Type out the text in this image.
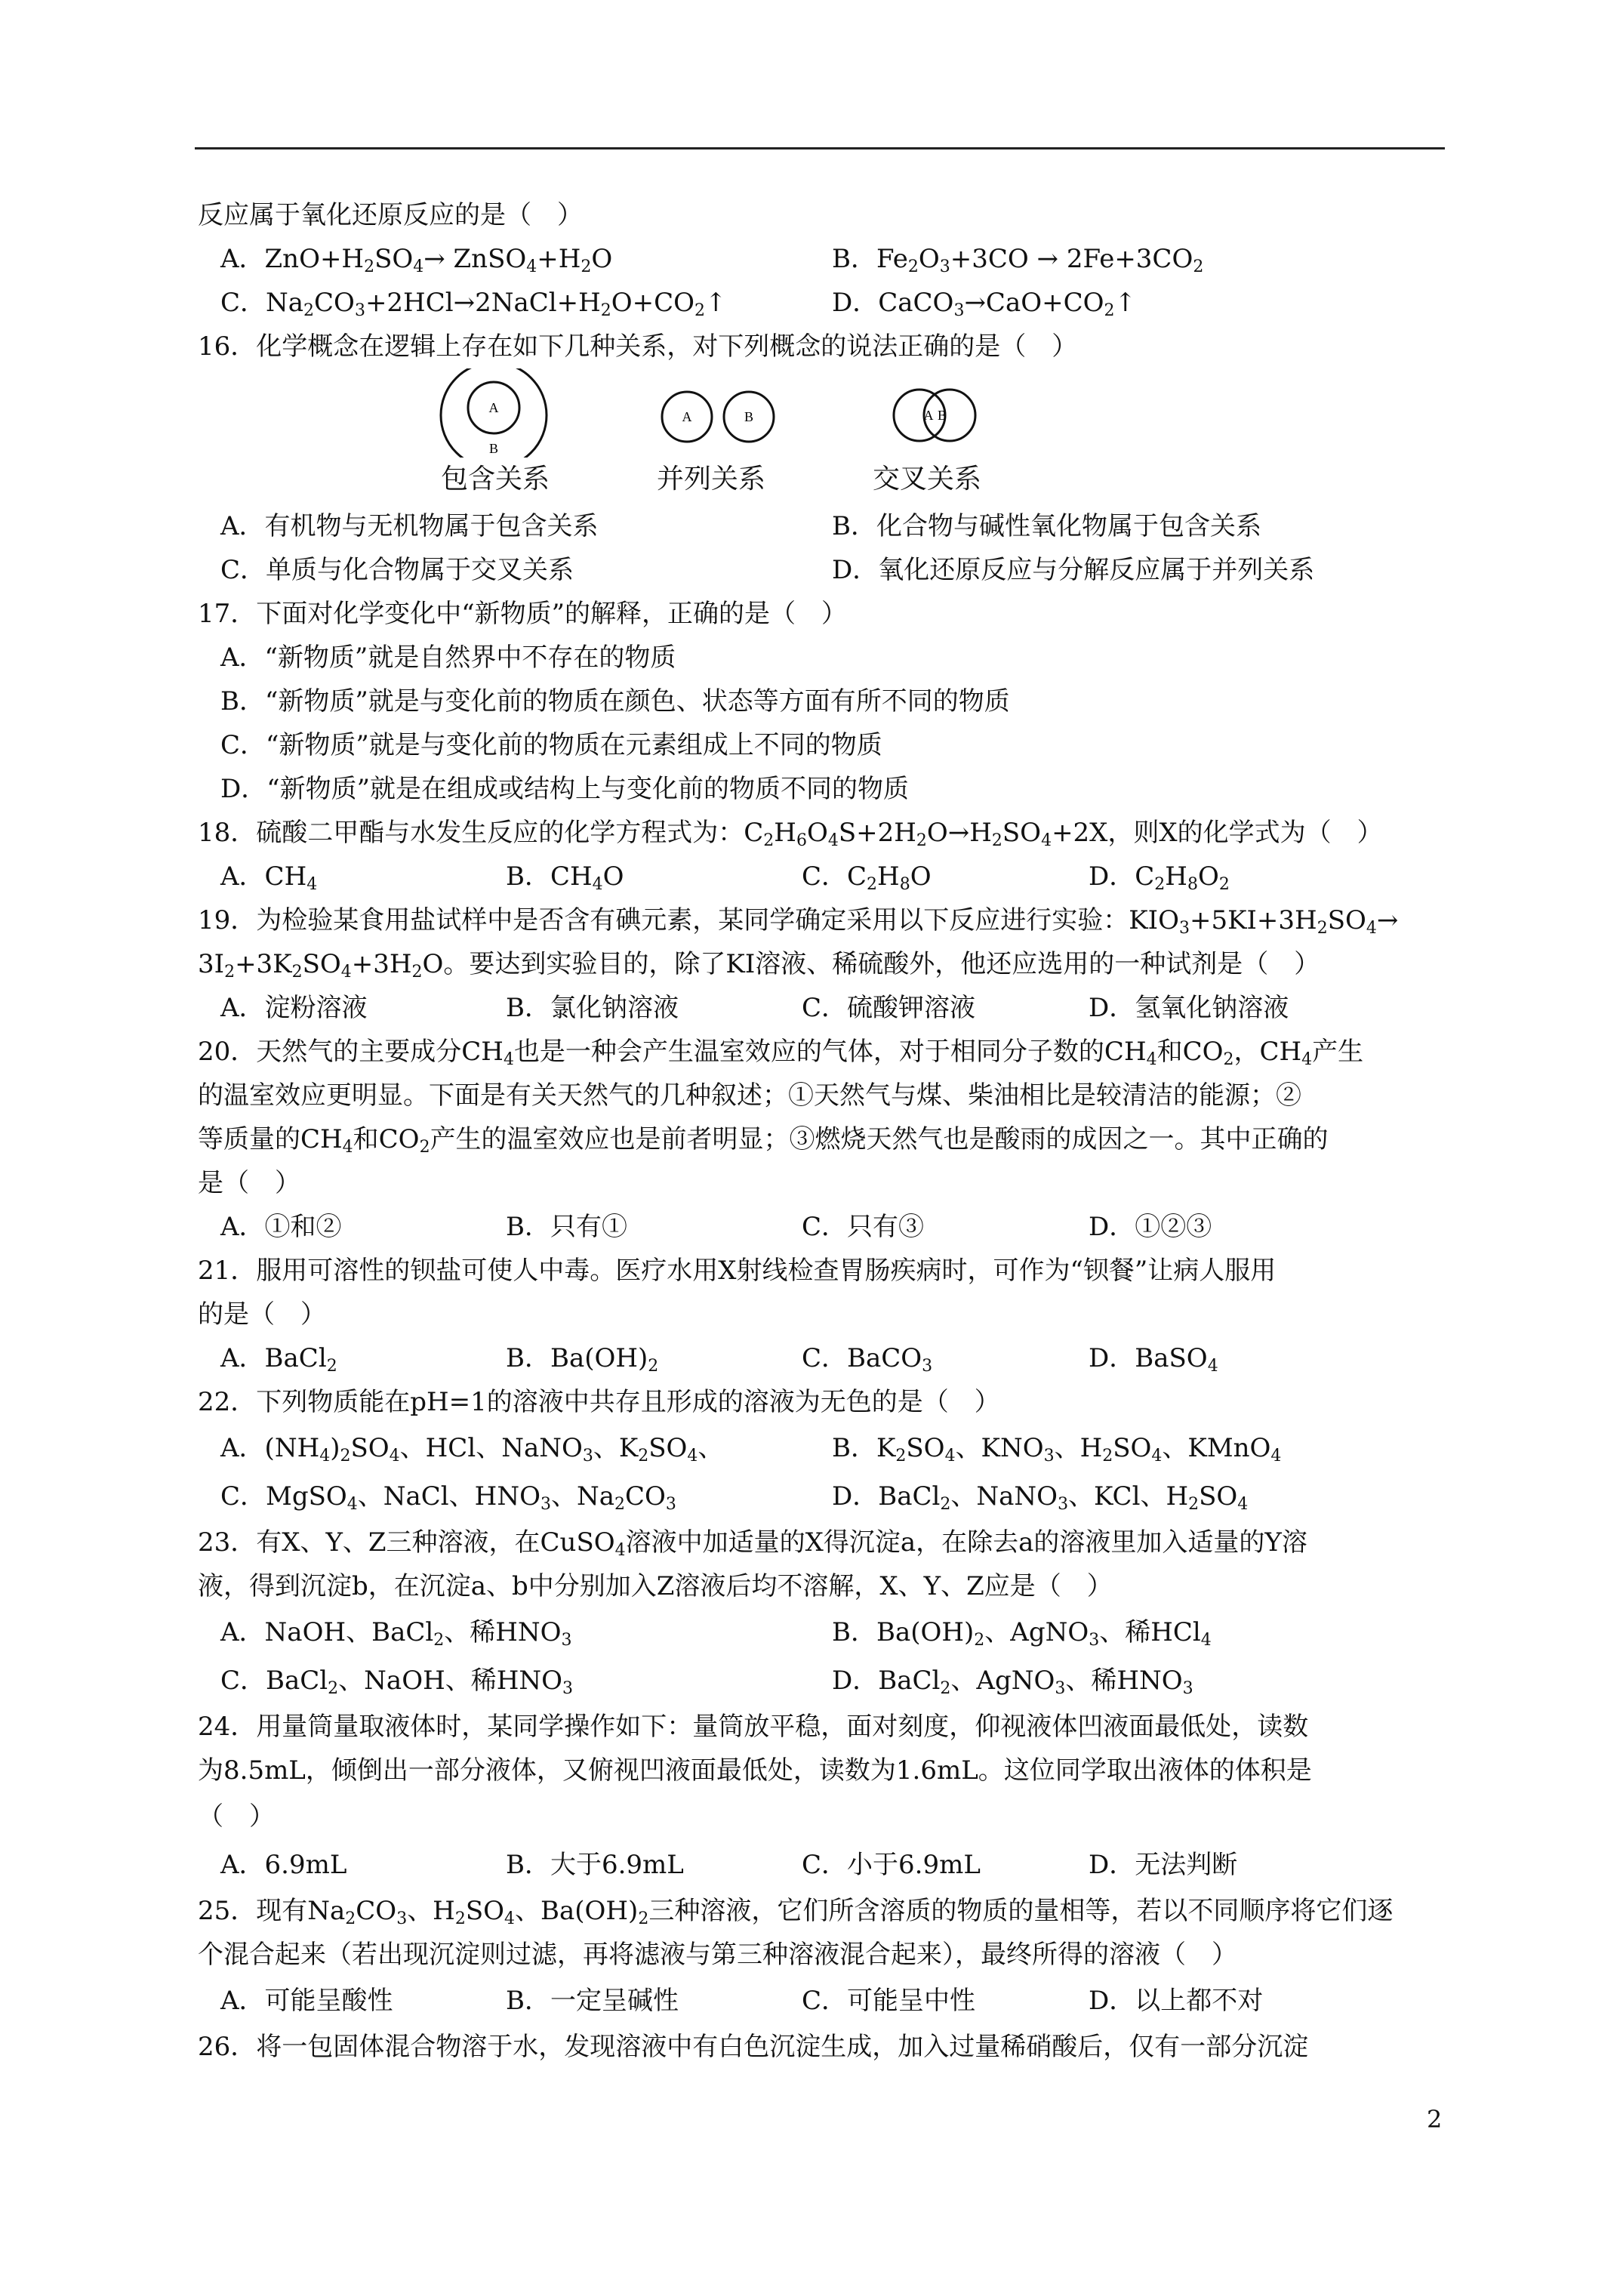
反应属于氧化还原反应的是（　）
A．$ZnO+H_2SO_4\to$ $ZnSO_4+H_2O$	B．$Fe_2O_3+3CO \to 2Fe+3CO_2$
C．$Na_2CO_3+2HCl\to 2NaCl+H_2O+CO_2↑$	D．$CaCO_3\to CaO+CO_2↑$
16．化学概念在逻辑上存在如下几种关系，对下列概念的说法正确的是（　）
A
B
包含关系
A	B
并列关系
A B
交叉关系
A．有机物与无机物属于包含关系	B．化合物与碱性氧化物属于包含关系
C．单质与化合物属于交叉关系	D．氧化还原反应与分解反应属于并列关系
17．下面对化学变化中“新物质”的解释，正确的是（　）
A．“新物质”就是自然界中不存在的物质
B．“新物质”就是与变化前的物质在颜色、状态等方面有所不同的物质
C．“新物质”就是与变化前的物质在元素组成上不同的物质
D．“新物质”就是在组成或结构上与变化前的物质不同的物质
18．硫酸二甲酯与水发生反应的化学方程式为：$C_2H_6O_4S+2H_2O\to H_2SO_4+2X$，则X的化学式为（　）
A．$CH_4$	B．$CH_4O$	C．$C_2H_8O$	D．$C_2H_8O_2$
19．为检验某食用盐试样中是否含有碘元素，某同学确定采用以下反应进行实验：$KIO_3+5KI+3H_2SO_4\to$
$3I_2+3K_2SO_4+3H_2O$。要达到实验目的，除了KI溶液、稀硫酸外，他还应选用的一种试剂是（　）
A．淀粉溶液	B．氯化钠溶液	C．硫酸钾溶液	D．氢氧化钠溶液
20．天然气的主要成分$CH_4$也是一种会产生温室效应的气体，对于相同分子数的$CH_4$和$CO_2$，$CH_4$产生
的温室效应更明显。下面是有关天然气的几种叙述；①天然气与煤、柴油相比是较清洁的能源；②
等质量的$CH_4$和$CO_2$产生的温室效应也是前者明显；③燃烧天然气也是酸雨的成因之一。其中正确的
是（　）
A．①和②	B．只有①	C．只有③	D．①②③
21．服用可溶性的钡盐可使人中毒。医疗水用X射线检查胃肠疾病时，可作为“钡餐”让病人服用
的是（　）
A．BaCl$_2$	B．$Ba(OH)_2$	C．BaCO$_3$	D．BaSO$_4$
22．下列物质能在pH=1的溶液中共存且形成的溶液为无色的是（　）
A．$(NH_4)_2SO_4$、HCl、NaNO$_3$、$K_2SO_4$、	B．$K_2SO_4$、$KNO_3$、$H_2SO_4$、KMnO$_4$
C．MgSO$_4$、NaCl、$HNO_3$、$Na_2CO_3$	D．BaCl$_2$、NaNO$_3$、KCl、$H_2SO_4$
23．有X、Y、Z三种溶液，在CuSO$_4$溶液中加适量的X得沉淀a，在除去a的溶液里加入适量的Y溶
液，得到沉淀b，在沉淀a、b中分别加入Z溶液后均不溶解，X、Y、Z应是（　）
A．NaOH、BaCl$_2$、稀$HNO_3$	B．$Ba(OH)_2$、AgNO$_3$、稀HCl$_4$
C．BaCl$_2$、NaOH、稀$HNO_3$	D．BaCl$_2$、AgNO$_3$、稀$HNO_3$
24．用量筒量取液体时，某同学操作如下：量筒放平稳，面对刻度，仰视液体凹液面最低处，读数
为8.5mL，倾倒出一部分液体，又俯视凹液面最低处，读数为1.6mL。这位同学取出液体的体积是
（　）
A．6.9mL	B．大于6.9mL	C．小于6.9mL	D．无法判断
25．现有$Na_2CO_3$、$H_2SO_4$、$Ba(OH)_2$三种溶液，它们所含溶质的物质的量相等，若以不同顺序将它们逐
个混合起来（若出现沉淀则过滤，再将滤液与第三种溶液混合起来），最终所得的溶液（　）
A．可能呈酸性	B．一定呈碱性	C．可能呈中性	D．以上都不对
26．将一包固体混合物溶于水，发现溶液中有白色沉淀生成，加入过量稀硝酸后，仅有一部分沉淀
2
